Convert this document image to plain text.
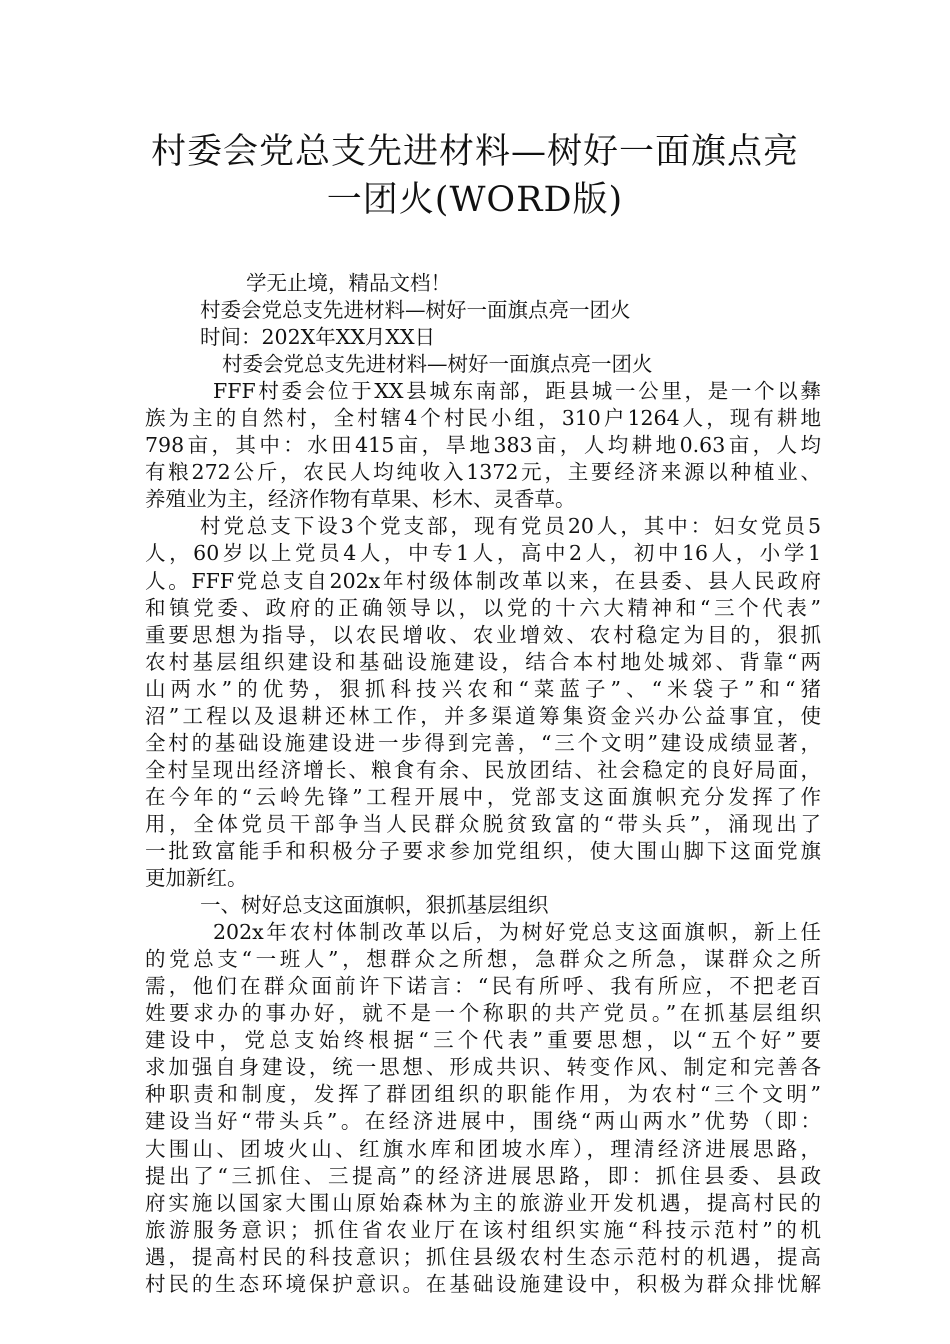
村委会党总支先进材料—树好一面旗点亮
一团火(WORD版)
学无止境，精品文档！
村委会党总支先进材料—树好一面旗点亮一团火
时间：202X年XX月XX日
村委会党总支先进材料—树好一面旗点亮一团火
FFF村委会位于XX县城东南部，距县城一公里，是一个以彝
族为主的自然村，全村辖4个村民小组，310户1264人，现有耕地
798亩，其中：水田415亩，旱地383亩，人均耕地0.63亩，人均
有粮272公斤，农民人均纯收入1372元，主要经济来源以种植业、
养殖业为主，经济作物有草果、杉木、灵香草。
村党总支下设3个党支部，现有党员20人，其中：妇女党员5
人，60岁以上党员4人，中专1人，高中2人，初中16人，小学1
人。FFF党总支自202x年村级体制改革以来，在县委、县人民政府
和镇党委、政府的正确领导以，以党的十六大精神和“三个代表”
重要思想为指导，以农民增收、农业增效、农村稳定为目的，狠抓
农村基层组织建设和基础设施建设，结合本村地处城郊、背靠“两
山两水”的优势，狠抓科技兴农和“菜蓝子”、“米袋子”和“猪
沼”工程以及退耕还林工作，并多渠道筹集资金兴办公益事宜，使
全村的基础设施建设进一步得到完善，“三个文明”建设成绩显著，
全村呈现出经济增长、粮食有余、民放团结、社会稳定的良好局面，
在今年的“云岭先锋”工程开展中，党部支这面旗帜充分发挥了作
用，全体党员干部争当人民群众脱贫致富的“带头兵”，涌现出了
一批致富能手和积极分子要求参加党组织，使大围山脚下这面党旗
更加新红。
一、树好总支这面旗帜，狠抓基层组织
202x年农村体制改革以后，为树好党总支这面旗帜，新上任
的党总支“一班人”，想群众之所想，急群众之所急，谋群众之所
需，他们在群众面前许下诺言：“民有所呼、我有所应，不把老百
姓要求办的事办好，就不是一个称职的共产党员。”在抓基层组织
建设中，党总支始终根据“三个代表”重要思想，以“五个好”要
求加强自身建设，统一思想、形成共识、转变作风、制定和完善各
种职责和制度，发挥了群团组织的职能作用，为农村“三个文明”
建设当好“带头兵”。在经济进展中，围绕“两山两水”优势（即：
大围山、团坡火山、红旗水库和团坡水库），理清经济进展思路，
提出了“三抓住、三提高”的经济进展思路，即：抓住县委、县政
府实施以国家大围山原始森林为主的旅游业开发机遇，提高村民的
旅游服务意识；抓住省农业厅在该村组织实施“科技示范村”的机
遇，提高村民的科技意识；抓住县级农村生态示范村的机遇，提高
村民的生态环境保护意识。在基础设施建设中，积极为群众排忧解
